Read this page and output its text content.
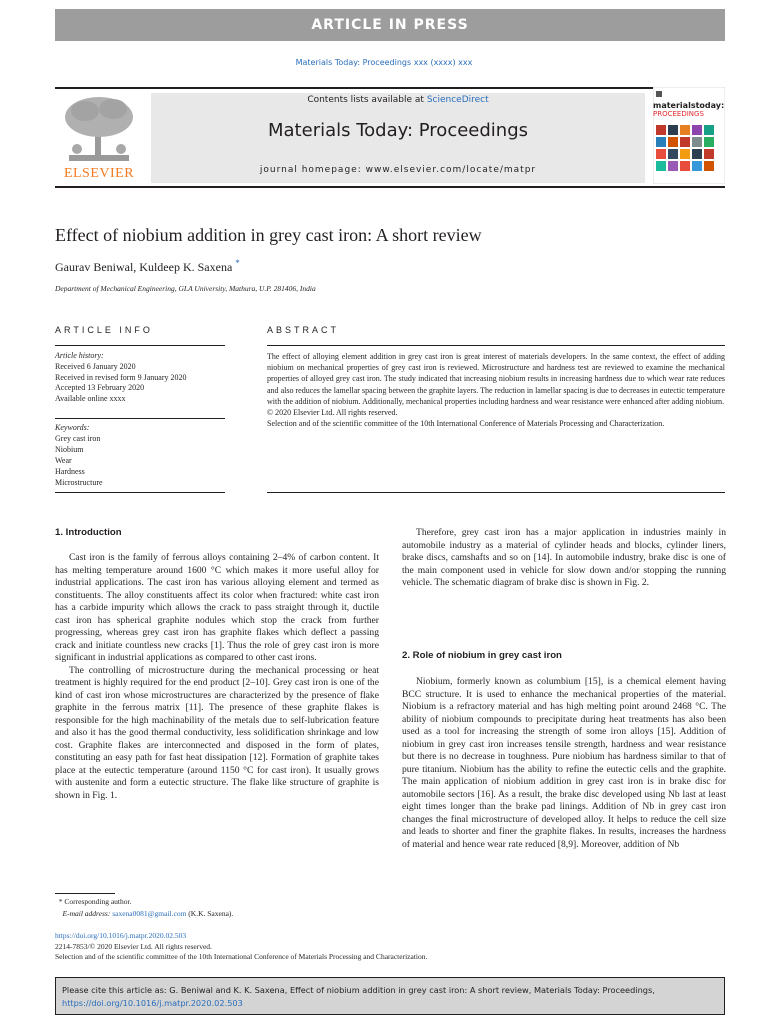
ARTICLE IN PRESS
Materials Today: Proceedings xxx (xxxx) xxx
ELSEVIER
Contents lists available at ScienceDirect
Materials Today: Proceedings
journal homepage: www.elsevier.com/locate/matpr
materialstoday:
PROCEEDINGS
Effect of niobium addition in grey cast iron: A short review
Gaurav Beniwal, Kuldeep K. Saxena *
Department of Mechanical Engineering, GLA University, Mathura, U.P. 281406, India
ARTICLE INFO	ABSTRACT
Article history:
Received 6 January 2020
Received in revised form 9 January 2020
Accepted 13 February 2020
Available online xxxx
Keywords:
Grey cast iron
Niobium
Wear
Hardness
Microstructure

The effect of alloying element addition in grey cast iron is great interest of materials developers. In the same context, the effect of adding niobium on mechanical properties of grey cast iron is reviewed. Microstructure and hardness test are reviewed to examine the mechanical properties of alloyed grey cast iron. The study indicated that increasing niobium results in increasing hardness due to which wear rate reduces and also reduces the lamellar spacing between the graphite layers. The reduction in lamellar spacing is due to decreases in eutectic temperature with the addition of niobium. Additionally, mechanical properties including hardness and wear resistance were enhanced after adding niobium.

© 2020 Elsevier Ltd. All rights reserved.

Selection and of the scientific committee of the 10th International Conference of Materials Processing and Characterization.

1. Introduction

Cast iron is the family of ferrous alloys containing 2–4% of carbon content. It has melting temperature around 1600 °C which makes it more useful alloy for industrial applications. The cast iron has various alloying element and termed as constituents. The alloy constituents affect its color when fractured: white cast iron has a carbide impurity which allows the crack to pass straight through it, ductile cast iron has spherical graphite nodules which stop the crack from further progressing, whereas grey cast iron has graphite flakes which deflect a passing crack and initiate countless new cracks [1]. Thus the role of grey cast iron is more significant in industrial applications as compared to other cast irons.

The controlling of microstructure during the mechanical processing or heat treatment is highly required for the end product [2–10]. Grey cast iron is one of the kind of cast iron whose microstructures are characterized by the presence of flake graphite in the ferrous matrix [11]. The presence of these graphite flakes is responsible for the high machinability of the metals due to self-lubrication feature and also it has the good thermal conductivity, less solidification shrinkage and low cost. Graphite flakes are interconnected and disposed in the form of plates, constituting an easy path for fast heat dissipation [12]. Formation of graphite takes place at the eutectic temperature (around 1150 °C for cast iron). It usually grows with austenite and form a eutectic structure. The flake like structure of graphite is shown in Fig. 1.

Therefore, grey cast iron has a major application in industries mainly in automobile industry as a material of cylinder heads and blocks, cylinder liners, brake discs, camshafts and so on [14]. In automobile industry, brake disc is one of the main component used in vehicle for slow down and/or stopping the running vehicle. The schematic diagram of brake disc is shown in Fig. 2.

2. Role of niobium in grey cast iron

Niobium, formerly known as columbium [15], is a chemical element having BCC structure. It is used to enhance the mechanical properties of the material. Niobium is a refractory material and has high melting point around 2468 °C. The ability of niobium compounds to precipitate during heat treatments has also been used as a tool for increasing the strength of some iron alloys [15]. Addition of niobium in grey cast iron increases tensile strength, hardness and wear resistance but there is no decrease in toughness. Pure niobium has hardness similar to that of pure titanium. Niobium has the ability to refine the eutectic cells and the graphite. The main application of niobium addition in grey cast iron is in brake disc for automobile sectors [16]. As a result, the brake disc developed using Nb last at least eight times longer than the brake pad linings. Addition of Nb in grey cast iron changes the final microstructure of developed alloy. It helps to reduce the cell size and leads to shorter and finer the graphite flakes. In results, increases the hardness of material and hence wear rate reduced [8,9]. Moreover, addition of Nb

* Corresponding author.
E-mail address: saxena0081@gmail.com (K.K. Saxena).
https://doi.org/10.1016/j.matpr.2020.02.503
2214-7853/© 2020 Elsevier Ltd. All rights reserved.
Selection and of the scientific committee of the 10th International Conference of Materials Processing and Characterization.
Please cite this article as: G. Beniwal and K. K. Saxena, Effect of niobium addition in grey cast iron: A short review, Materials Today: Proceedings, https://doi.org/10.1016/j.matpr.2020.02.503
